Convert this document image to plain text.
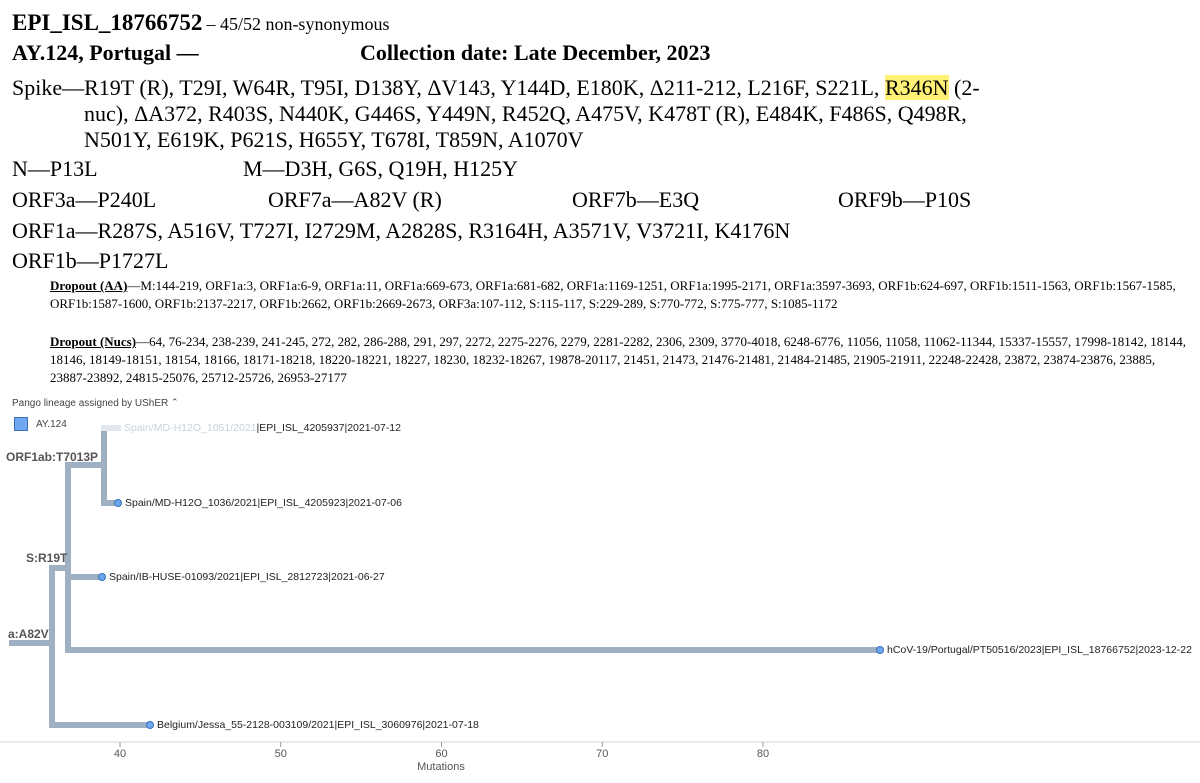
EPI_ISL_18766752 – 45/52 non-synonymous
AY.124, Portugal —	Collection date: Late December, 2023
Spike—R19T (R), T29I, W64R, T95I, D138Y, ΔV143, Y144D, E180K, Δ211-212, L216F, S221L, R346N (2-
nuc), ΔA372, R403S, N440K, G446S, Y449N, R452Q, A475V, K478T (R), E484K, F486S, Q498R,
N501Y, E619K, P621S, H655Y, T678I, T859N, A1070V
N—P13L	M—D3H, G6S, Q19H, H125Y
ORF3a—P240L	ORF7a—A82V (R)	ORF7b—E3Q	ORF9b—P10S
ORF1a—R287S, A516V, T727I, I2729M, A2828S, R3164H, A3571V, V3721I, K4176N
ORF1b—P1727L
Dropout (AA)—M:144-219, ORF1a:3, ORF1a:6-9, ORF1a:11, ORF1a:669-673, ORF1a:681-682, ORF1a:1169-1251, ORF1a:1995-2171, ORF1a:3597-3693, ORF1b:624-697, ORF1b:1511-1563, ORF1b:1567-1585, ORF1b:1587-1600, ORF1b:2137-2217, ORF1b:2662, ORF1b:2669-2673, ORF3a:107-112, S:115-117, S:229-289, S:770-772, S:775-777, S:1085-1172
Dropout (Nucs)—64, 76-234, 238-239, 241-245, 272, 282, 286-288, 291, 297, 2272, 2275-2276, 2279, 2281-2282, 2306, 2309, 3770-4018, 6248-6776, 11056, 11058, 11062-11344, 15337-15557, 17998-18142, 18144, 18146, 18149-18151, 18154, 18166, 18171-18218, 18220-18221, 18227, 18230, 18232-18267, 19878-20117, 21451, 21473, 21476-21481, 21484-21485, 21905-21911, 22248-22428, 23872, 23874-23876, 23885, 23887-23892, 24815-25076, 25712-25726, 26953-27177
Pango lineage assigned by UShER ⌃
AY.124
ORF1ab:T7013P
S:R19T
a:A82V
Spain/MD-H12O_1051/2021|EPI_ISL_4205937|2021-07-12
Spain/MD-H12O_1036/2021|EPI_ISL_4205923|2021-07-06
Spain/IB-HUSE-01093/2021|EPI_ISL_2812723|2021-06-27
hCoV-19/Portugal/PT50516/2023|EPI_ISL_18766752|2023-12-22
Belgium/Jessa_55-2128-003109/2021|EPI_ISL_3060976|2021-07-18
40	50	60	70	80
Mutations
